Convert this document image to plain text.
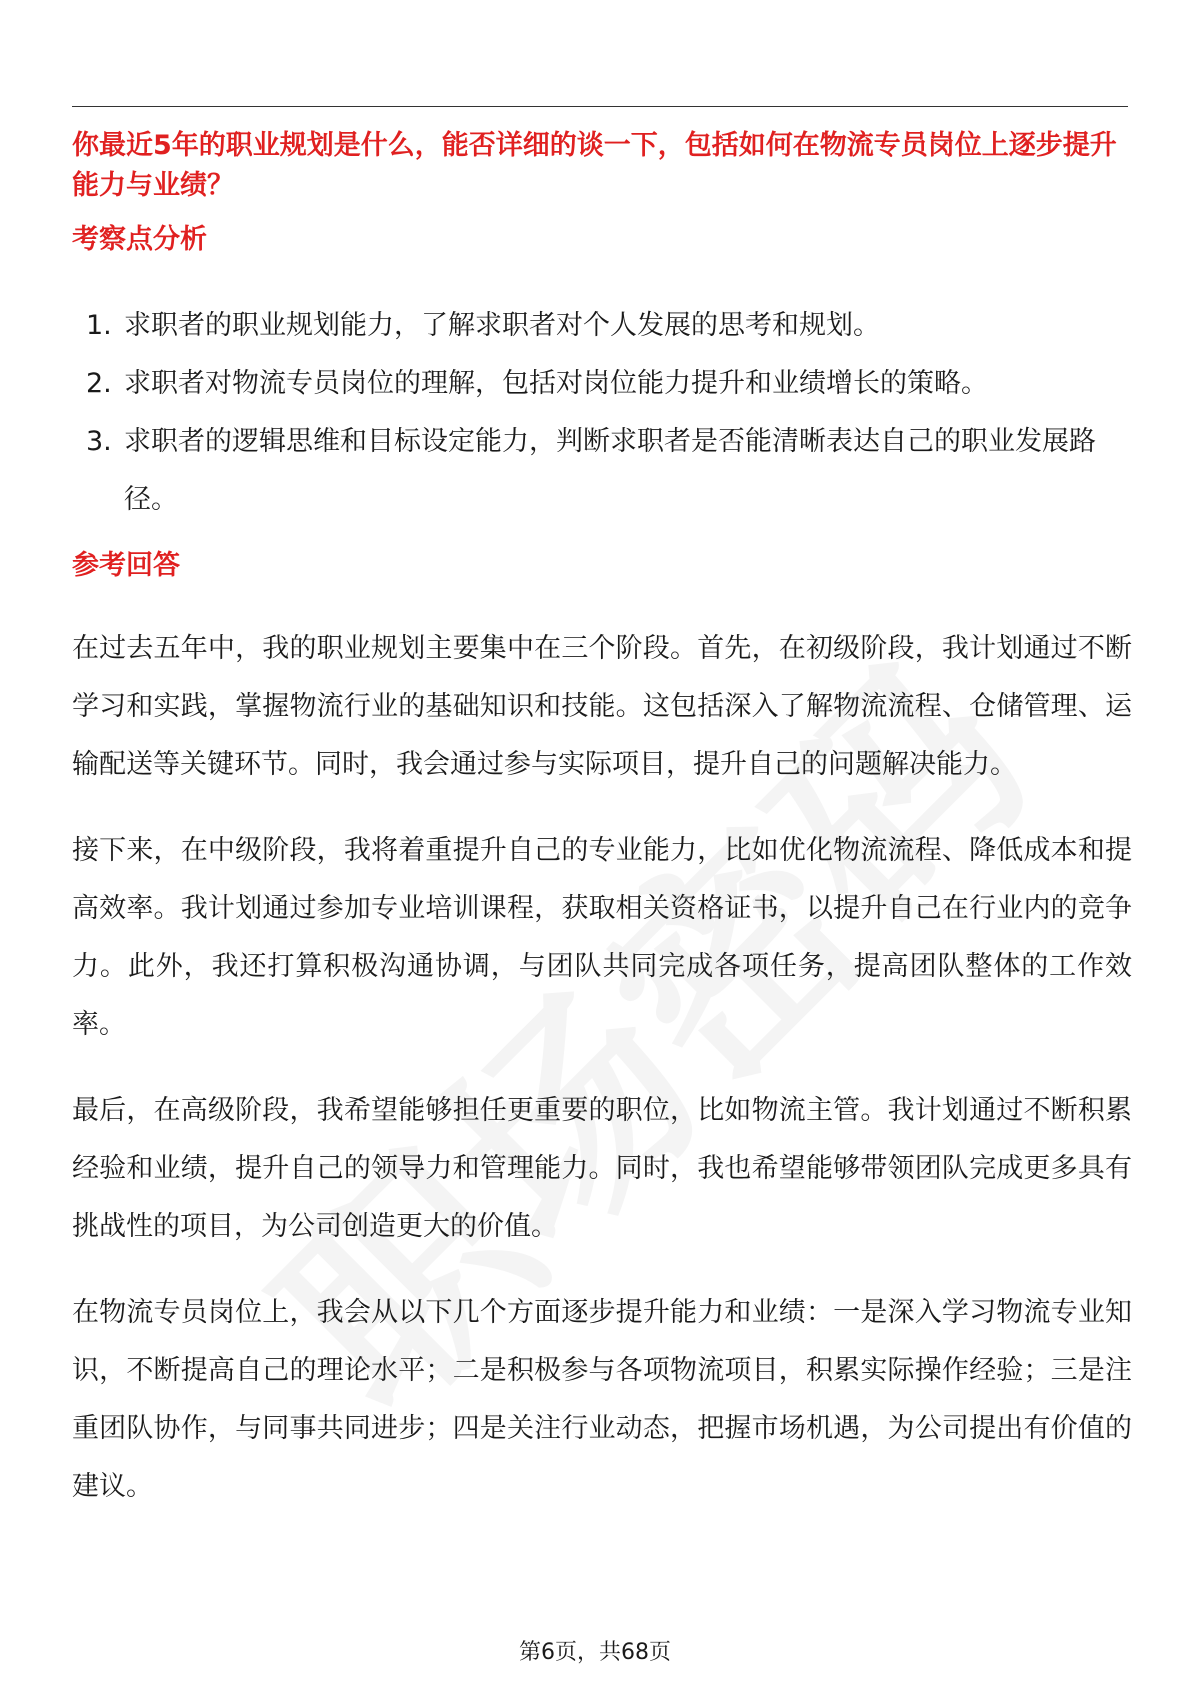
你最近5年的职业规划是什么，能否详细的谈一下，包括如何在物流专员岗位上逐步提升能力与业绩？

考察点分析
1. 求职者的职业规划能力，了解求职者对个人发展的思考和规划。
2. 求职者对物流专员岗位的理解，包括对岗位能力提升和业绩增长的策略。
3. 求职者的逻辑思维和目标设定能力，判断求职者是否能清晰表达自己的职业发展路径。
参考回答

在过去五年中，我的职业规划主要集中在三个阶段。首先，在初级阶段，我计划通过不断学习和实践，掌握物流行业的基础知识和技能。这包括深入了解物流流程、仓储管理、运输配送等关键环节。同时，我会通过参与实际项目，提升自己的问题解决能力。

接下来，在中级阶段，我将着重提升自己的专业能力，比如优化物流流程、降低成本和提高效率。我计划通过参加专业培训课程，获取相关资格证书，以提升自己在行业内的竞争力。此外，我还打算积极沟通协调，与团队共同完成各项任务，提高团队整体的工作效率。

最后，在高级阶段，我希望能够担任更重要的职位，比如物流主管。我计划通过不断积累经验和业绩，提升自己的领导力和管理能力。同时，我也希望能够带领团队完成更多具有挑战性的项目，为公司创造更大的价值。

在物流专员岗位上，我会从以下几个方面逐步提升能力和业绩：一是深入学习物流专业知识，不断提高自己的理论水平；二是积极参与各项物流项目，积累实际操作经验；三是注重团队协作，与同事共同进步；四是关注行业动态，把握市场机遇，为公司提出有价值的建议。

第6页，共68页
